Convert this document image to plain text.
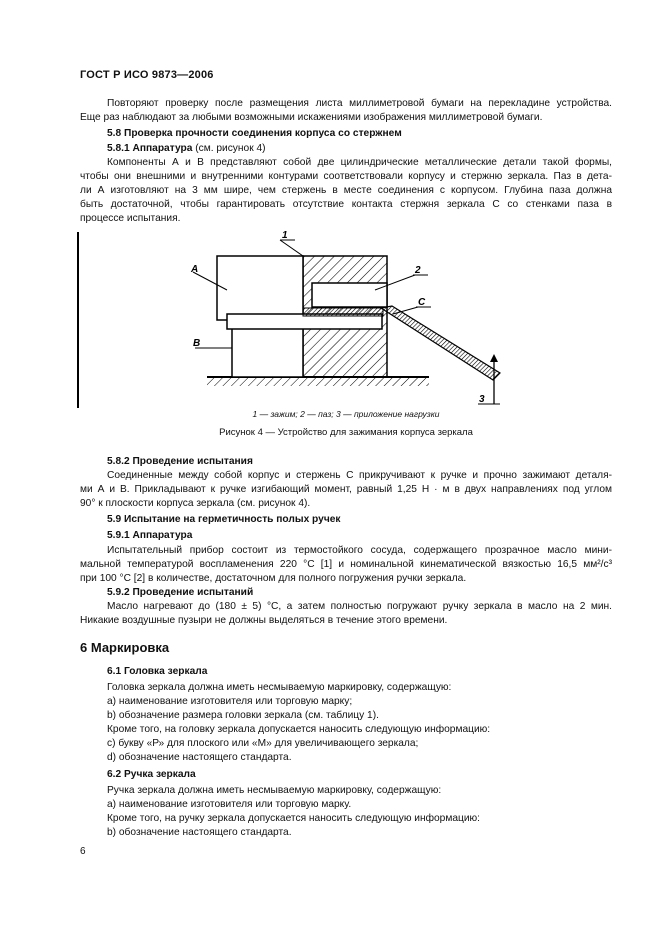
ГОСТ Р ИСО 9873—2006
Повторяют проверку после размещения листа миллиметровой бумаги на перекладине устройства.
Еще раз наблюдают за любыми возможными искажениями изображения миллиметровой бумаги.
5.8 Проверка прочности соединения корпуса со стержнем
5.8.1 Аппаратура (см. рисунок 4)
Компоненты А и В представляют собой две цилиндрические металлические детали такой формы,
чтобы они внешними и внутренними контурами соответствовали корпусу и стержню зеркала. Паз в дета-
ли А изготовляют на 3 мм шире, чем стержень в месте соединения с корпусом. Глубина паза должна
быть достаточной, чтобы гарантировать отсутствие контакта стержня зеркала С со стенками паза в
процессе испытания.
1
А	2
С
В
3
1 — зажим; 2 — паз; 3 — приложение нагрузки
Рисунок 4 — Устройство для зажимания корпуса зеркала
5.8.2 Проведение испытания
Соединенные между собой корпус и стержень С прикручивают к ручке и прочно зажимают деталя-
ми А и В. Прикладывают к ручке изгибающий момент, равный 1,25 Н · м в двух направлениях под углом
90° к плоскости корпуса зеркала (см. рисунок 4).
5.9 Испытание на герметичность полых ручек
5.9.1 Аппаратура
Испытательный прибор состоит из термостойкого сосуда, содержащего прозрачное масло мини-
мальной температурой воспламенения 220 °С [1] и номинальной кинематической вязкостью 16,5 мм²/с³
при 100 °С [2] в количестве, достаточном для полного погружения ручки зеркала.
5.9.2 Проведение испытаний
Масло нагревают до (180 ± 5) °С, а затем полностью погружают ручку зеркала в масло на 2 мин.
Никакие воздушные пузыри не должны выделяться в течение этого времени.
6 Маркировка
6.1 Головка зеркала
Головка зеркала должна иметь несмываемую маркировку, содержащую:
а) наименование изготовителя или торговую марку;
b) обозначение размера головки зеркала (см. таблицу 1).
Кроме того, на головку зеркала допускается наносить следующую информацию:
c) букву «Р» для плоского или «М» для увеличивающего зеркала;
d) обозначение настоящего стандарта.
6.2 Ручка зеркала
Ручка зеркала должна иметь несмываемую маркировку, содержащую:
а) наименование изготовителя или торговую марку.
Кроме того, на ручку зеркала допускается наносить следующую информацию:
b) обозначение настоящего стандарта.
6
